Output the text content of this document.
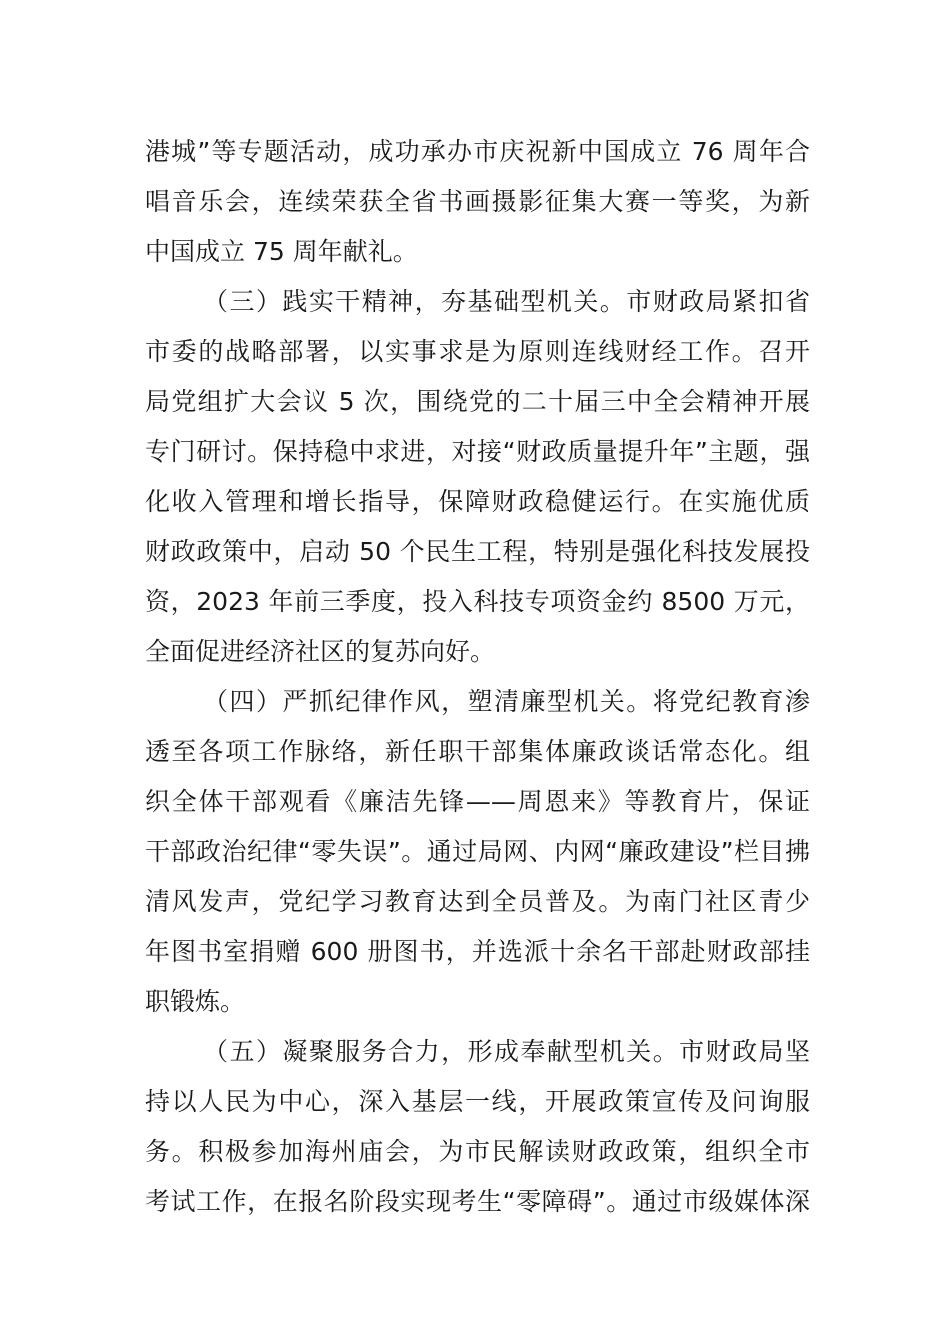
港城”等专题活动，成功承办市庆祝新中国成立 76 周年合
唱音乐会，连续荣获全省书画摄影征集大赛一等奖，为新
中国成立 75 周年献礼。
（三）践实干精神，夯基础型机关。市财政局紧扣省
市委的战略部署，以实事求是为原则连线财经工作。召开
局党组扩大会议 5 次，围绕党的二十届三中全会精神开展
专门研讨。保持稳中求进，对接“财政质量提升年”主题，强
化收入管理和增长指导，保障财政稳健运行。在实施优质
财政政策中，启动 50 个民生工程，特别是强化科技发展投
资，2023 年前三季度，投入科技专项资金约 8500 万元，
全面促进经济社区的复苏向好。
（四）严抓纪律作风，塑清廉型机关。将党纪教育渗
透至各项工作脉络，新任职干部集体廉政谈话常态化。组
织全体干部观看《廉洁先锋——周恩来》等教育片，保证
干部政治纪律“零失误”。通过局网、内网“廉政建设”栏目拂
清风发声，党纪学习教育达到全员普及。为南门社区青少
年图书室捐赠 600 册图书，并选派十余名干部赴财政部挂
职锻炼。
（五）凝聚服务合力，形成奉献型机关。市财政局坚
持以人民为中心，深入基层一线，开展政策宣传及问询服
务。积极参加海州庙会，为市民解读财政政策，组织全市
考试工作，在报名阶段实现考生“零障碍”。通过市级媒体深
